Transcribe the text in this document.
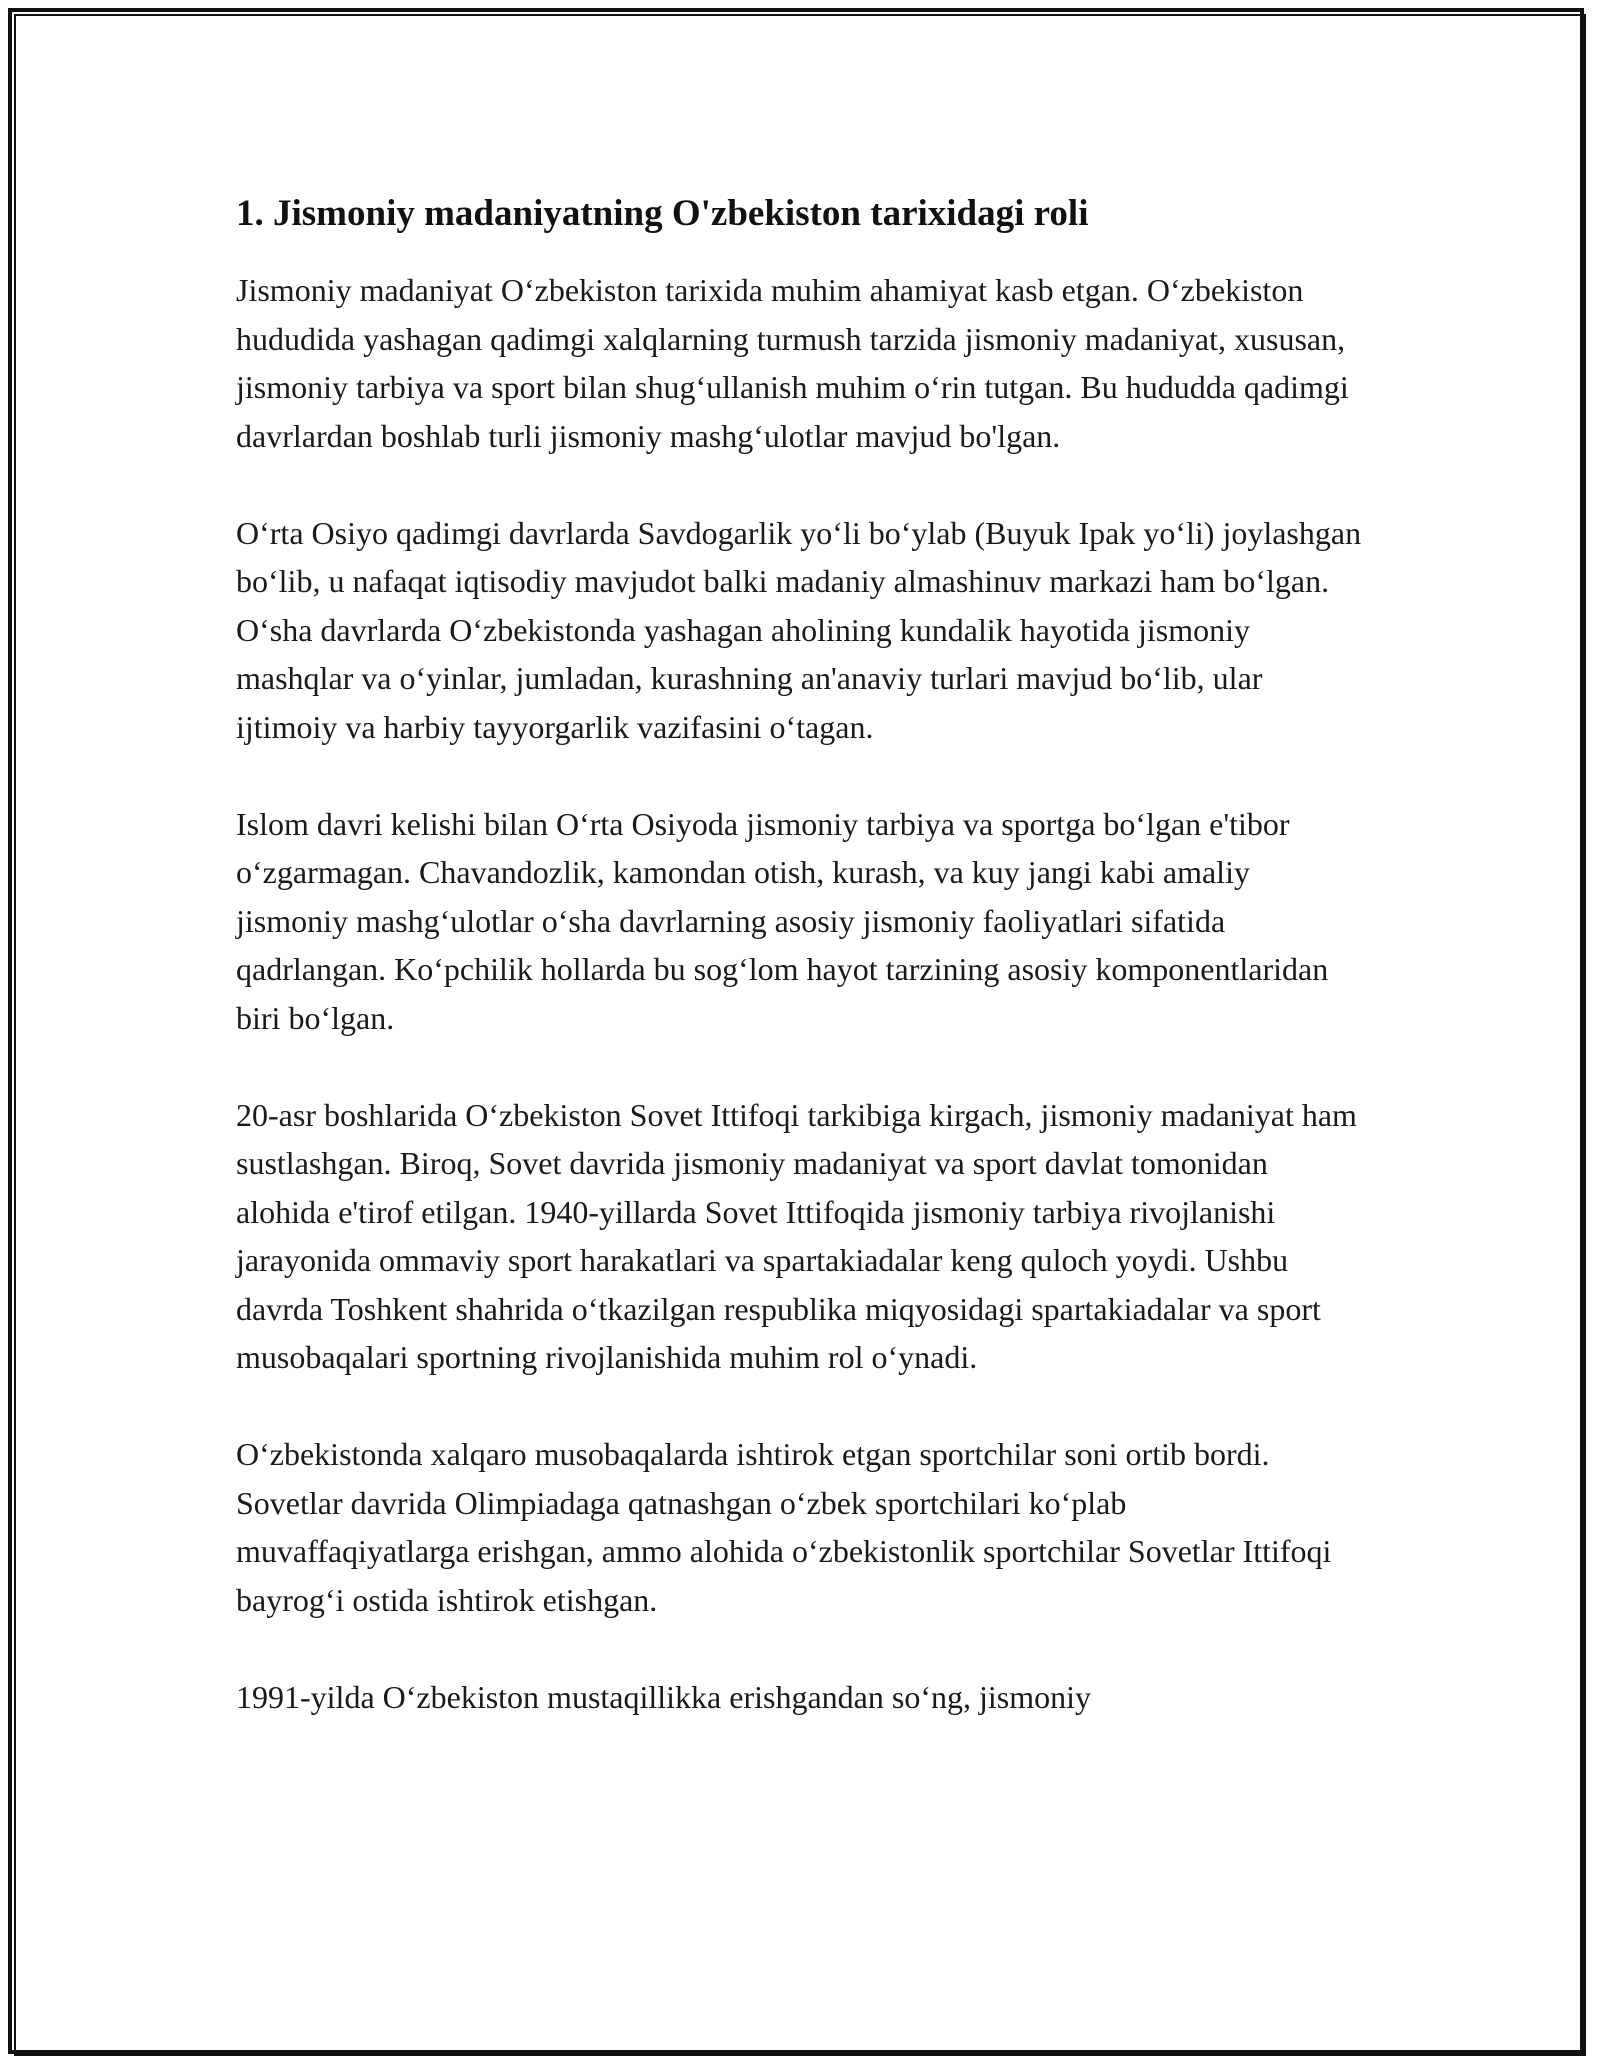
1. Jismoniy madaniyatning O'zbekiston tarixidagi roli

Jismoniy madaniyat O‘zbekiston tarixida muhim ahamiyat kasb etgan. O‘zbekiston hududida yashagan qadimgi xalqlarning turmush tarzida jismoniy madaniyat, xususan, jismoniy tarbiya va sport bilan shug‘ullanish muhim o‘rin tutgan. Bu hududda qadimgi davrlardan boshlab turli jismoniy mashg‘ulotlar mavjud bo'lgan.

O‘rta Osiyo qadimgi davrlarda Savdogarlik yo‘li bo‘ylab (Buyuk Ipak yo‘li) joylashgan bo‘lib, u nafaqat iqtisodiy mavjudot balki madaniy almashinuv markazi ham bo‘lgan. O‘sha davrlarda O‘zbekistonda yashagan aholining kundalik hayotida jismoniy mashqlar va o‘yinlar, jumladan, kurashning an'anaviy turlari mavjud bo‘lib, ular ijtimoiy va harbiy tayyorgarlik vazifasini o‘tagan.

Islom davri kelishi bilan O‘rta Osiyoda jismoniy tarbiya va sportga bo‘lgan e'tibor o‘zgarmagan. Chavandozlik, kamondan otish, kurash, va kuy jangi kabi amaliy jismoniy mashg‘ulotlar o‘sha davrlarning asosiy jismoniy faoliyatlari sifatida qadrlangan. Ko‘pchilik hollarda bu sog‘lom hayot tarzining asosiy komponentlaridan biri bo‘lgan.

20-asr boshlarida O‘zbekiston Sovet Ittifoqi tarkibiga kirgach, jismoniy madaniyat ham sustlashgan. Biroq, Sovet davrida jismoniy madaniyat va sport davlat tomonidan alohida e'tirof etilgan. 1940-yillarda Sovet Ittifoqida jismoniy tarbiya rivojlanishi jarayonida ommaviy sport harakatlari va spartakiadalar keng quloch yoydi. Ushbu davrda Toshkent shahrida o‘tkazilgan respublika miqyosidagi spartakiadalar va sport musobaqalari sportning rivojlanishida muhim rol o‘ynadi.

O‘zbekistonda xalqaro musobaqalarda ishtirok etgan sportchilar soni ortib bordi. Sovetlar davrida Olimpiadaga qatnashgan o‘zbek sportchilari ko‘plab muvaffaqiyatlarga erishgan, ammo alohida o‘zbekistonlik sportchilar Sovetlar Ittifoqi bayrog‘i ostida ishtirok etishgan.

1991-yilda O‘zbekiston mustaqillikka erishgandan so‘ng, jismoniy
